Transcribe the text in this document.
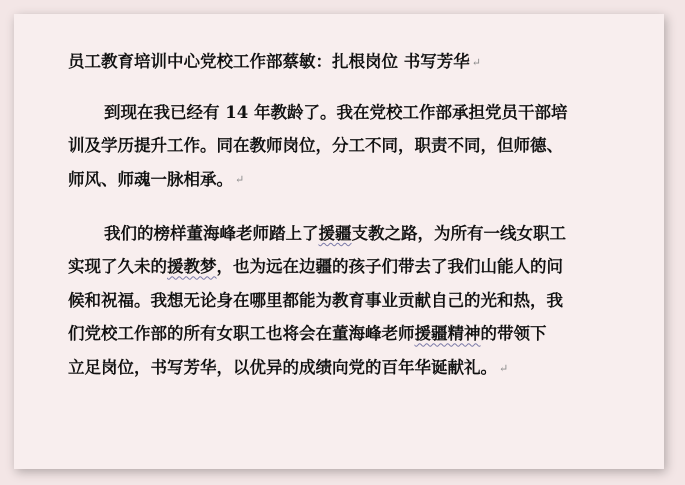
员工教育培训中心党校工作部蔡敏：扎根岗位 书写芳华 ↵

到现在我已经有 14 年教龄了。我在党校工作部承担党员干部培
训及学历提升工作。同在教师岗位，分工不同，职责不同，但师德、
师风、师魂一脉相承。 ↵

我们的榜样董海峰老师踏上了援疆支教之路，为所有一线女职工
实现了久未的援教梦，也为远在边疆的孩子们带去了我们山能人的问
候和祝福。我想无论身在哪里都能为教育事业贡献自己的光和热，我
们党校工作部的所有女职工也将会在董海峰老师援疆精神的带领下
立足岗位，书写芳华，以优异的成绩向党的百年华诞献礼。 ↵
